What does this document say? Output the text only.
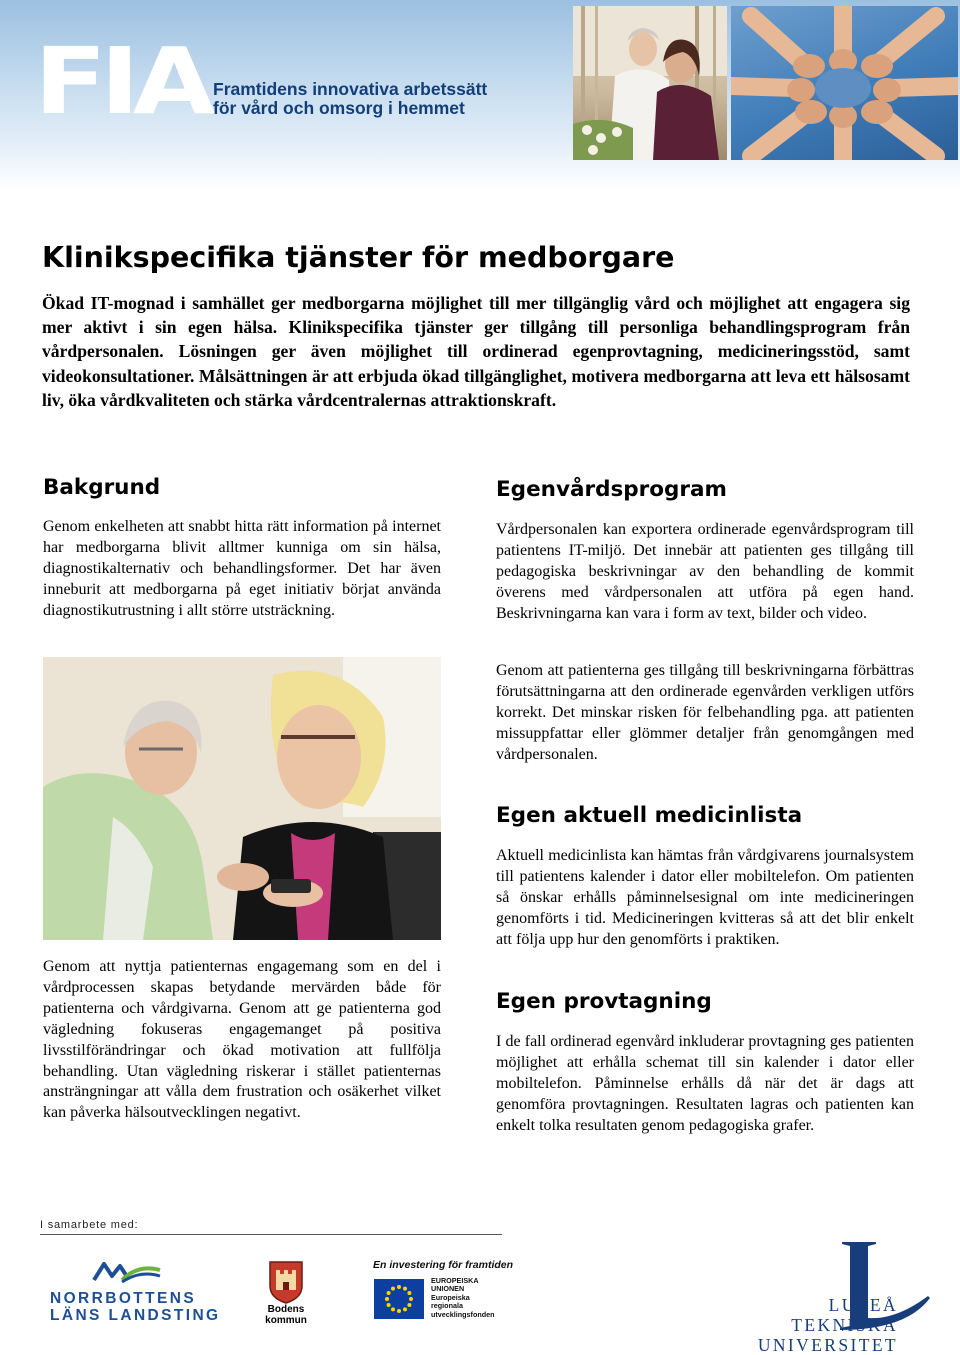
FIA Framtidens innovativa arbetssätt
för vård och omsorg i hemmet
Klinikspecifika tjänster för medborgare

Ökad IT-mognad i samhället ger medborgarna möjlighet till mer tillgänglig vård och möjlighet att engagera sig mer aktivt i sin egen hälsa. Klinikspecifika tjänster ger tillgång till personliga behandlingsprogram från vårdpersonalen. Lösningen ger även möjlighet till ordinerad egenprovtagning, medicineringsstöd, samt videokonsultationer. Målsättningen är att erbjuda ökad tillgänglighet, motivera medborgarna att leva ett hälsosamt liv, öka vårdkvaliteten och stärka vårdcentralernas attraktionskraft.

Bakgrund

Genom enkelheten att snabbt hitta rätt information på internet har medborgarna blivit alltmer kunniga om sin hälsa, diagnostikalternativ och behandlingsformer. Det har även inneburit att medborgarna på eget initiativ börjat använda diagnostikutrustning i allt större utsträckning.

Genom att nyttja patienternas engagemang som en del i vårdprocessen skapas betydande mervärden både för patienterna och vårdgivarna. Genom att ge patienterna god vägledning fokuseras engagemanget på positiva livsstilförändringar och ökad motivation att fullfölja behandling. Utan vägledning riskerar i stället patienternas ansträngningar att vålla dem frustration och osäkerhet vilket kan påverka hälsoutvecklingen negativt.

Egenvårdsprogram

Vårdpersonalen kan exportera ordinerade egenvårdsprogram till patientens IT-miljö. Det innebär att patienten ges tillgång till pedagogiska beskrivningar av den behandling de kommit överens med vårdpersonalen att utföra på egen hand. Beskrivningarna kan vara i form av text, bilder och video.

Genom att patienterna ges tillgång till beskrivningarna förbättras förutsättningarna att den ordinerade egenvården verkligen utförs korrekt. Det minskar risken för felbehandling pga. att patienten missuppfattar eller glömmer detaljer från genomgången med vårdpersonalen.

Egen aktuell medicinlista

Aktuell medicinlista kan hämtas från vårdgivarens journalsystem till patientens kalender i dator eller mobiltelefon. Om patienten så önskar erhålls påminnelsesignal om inte medicineringen genomförts i tid. Medicineringen kvitteras så att det blir enkelt att följa upp hur den genomförts i praktiken.

Egen provtagning

I de fall ordinerad egenvård inkluderar provtagning ges patienten möjlighet att erhålla schemat till sin kalender i dator eller mobiltelefon. Påminnelse erhålls då när det är dags att genomföra provtagningen. Resultaten lagras och patienten kan enkelt tolka resultaten genom pedagogiska grafer.

I samarbete med:
NORRBOTTENS
LÄNS LANDSTING	Bodens
kommun
En investering för framtiden
EUROPEISKA
UNIONEN
Europeiska
regionala
utvecklingsfonden	LULEÅ
TEKNISKA
UNIVERSITET
